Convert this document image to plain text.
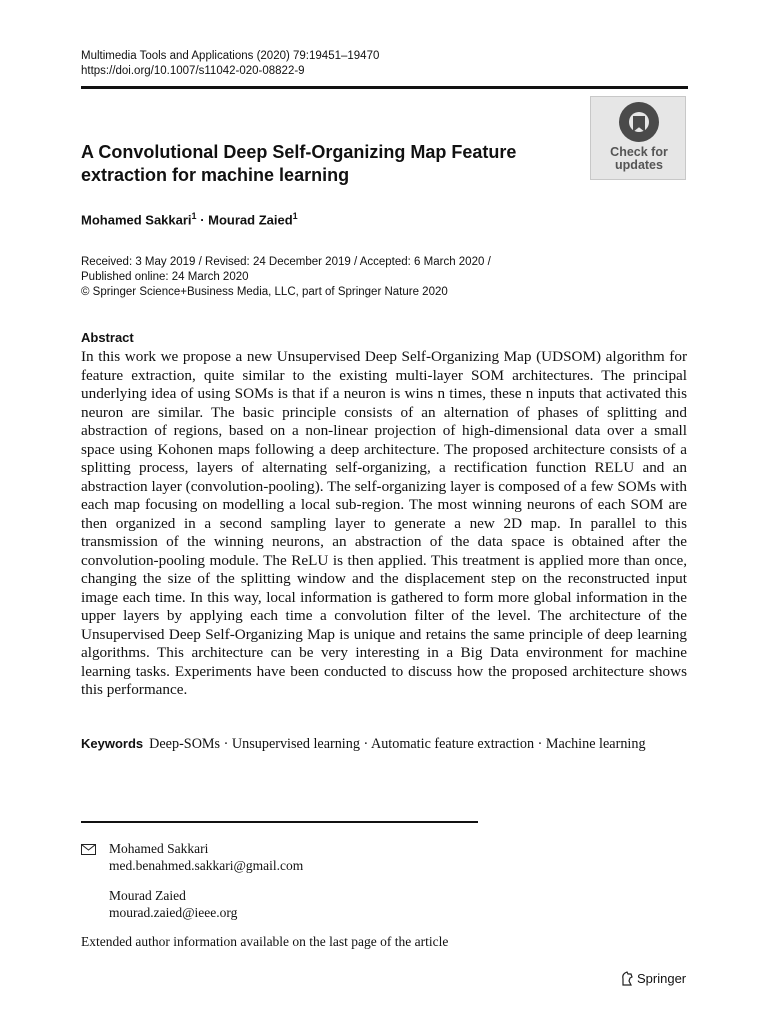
Multimedia Tools and Applications (2020) 79:19451–19470
https://doi.org/10.1007/s11042-020-08822-9
Check for
updates
A Convolutional Deep Self-Organizing Map Feature extraction for machine learning
Mohamed Sakkari$^1$ · Mourad Zaied$^1$
Received: 3 May 2019 / Revised: 24 December 2019 / Accepted: 6 March 2020 /
Published online: 24 March 2020
© Springer Science+Business Media, LLC, part of Springer Nature 2020
Abstract
In this work we propose a new Unsupervised Deep Self-Organizing Map (UDSOM) algorithm for feature extraction, quite similar to the existing multi-layer SOM architectures. The principal underlying idea of using SOMs is that if a neuron is wins n times, these n inputs that activated this neuron are similar. The basic principle consists of an alternation of phases of splitting and abstraction of regions, based on a non-linear projection of high-dimensional data over a small space using Kohonen maps following a deep architecture. The proposed architecture consists of a splitting process, layers of alternating self-organizing, a rectification function RELU and an abstraction layer (convolution-pooling). The self-organizing layer is composed of a few SOMs with each map focusing on modelling a local sub-region. The most winning neurons of each SOM are then organized in a second sampling layer to generate a new 2D map. In parallel to this transmission of the winning neurons, an abstraction of the data space is obtained after the convolution-pooling module. The ReLU is then applied. This treatment is applied more than once, changing the size of the splitting window and the displacement step on the reconstructed input image each time. In this way, local information is gathered to form more global information in the upper layers by applying each time a convolution filter of the level. The architecture of the Unsupervised Deep Self-Organizing Map is unique and retains the same principle of deep learning algorithms. This architecture can be very interesting in a Big Data environment for machine learning tasks. Experiments have been conducted to discuss how the proposed architecture shows this performance.
Keywords Deep-SOMs · Unsupervised learning · Automatic feature extraction · Machine learning
Mohamed Sakkari
med.benahmed.sakkari@gmail.com
Mourad Zaied
mourad.zaied@ieee.org
Extended author information available on the last page of the article
Springer
